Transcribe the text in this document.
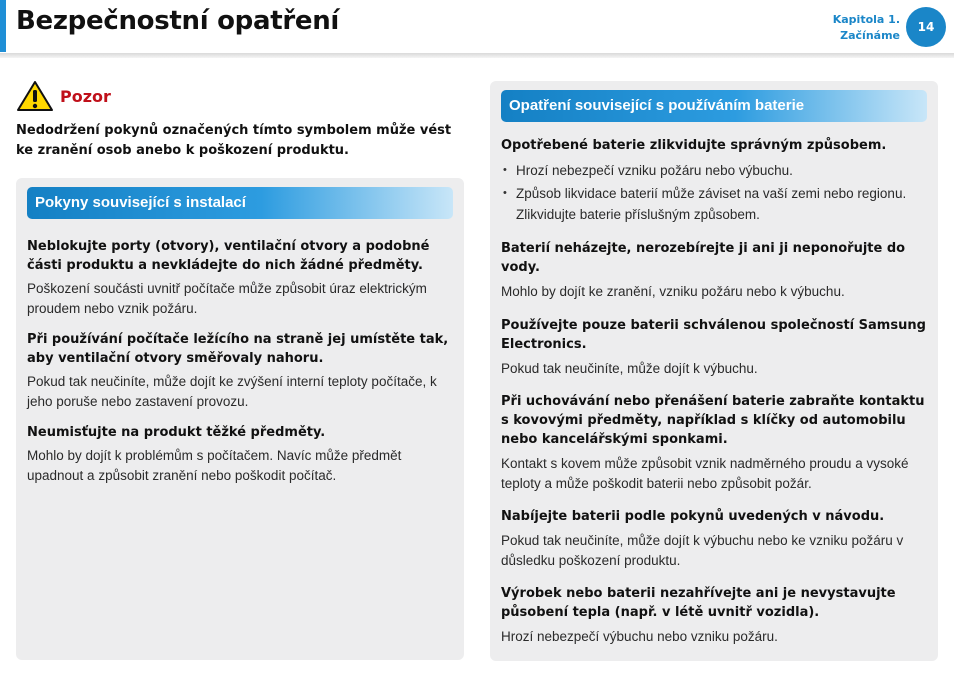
Bezpečnostní opatření	Kapitola 1.
Začínáme
14
Pozor
Nedodržení pokynů označených tímto symbolem může vést ke zranění osob anebo k poškození produktu.
Pokyny související s instalací
Neblokujte porty (otvory), ventilační otvory a podobné části produktu a nevkládejte do nich žádné předměty.
Poškození součásti uvnitř počítače může způsobit úraz elektrickým proudem nebo vznik požáru.
Při používání počítače ležícího na straně jej umístěte tak, aby ventilační otvory směřovaly nahoru.
Pokud tak neučiníte, může dojít ke zvýšení interní teploty počítače, k jeho poruše nebo zastavení provozu.
Neumisťujte na produkt těžké předměty.
Mohlo by dojít k problémům s počítačem. Navíc může předmět upadnout a způsobit zranění nebo poškodit počítač.
Opatření související s používáním baterie
Opotřebené baterie zlikvidujte správným způsobem.
• Hrozí nebezpečí vzniku požáru nebo výbuchu.
• Způsob likvidace baterií může záviset na vaší zemi nebo regionu. Zlikvidujte baterie příslušným způsobem.
Baterií neházejte, nerozebírejte ji ani ji neponořujte do vody.
Mohlo by dojít ke zranění, vzniku požáru nebo k výbuchu.
Používejte pouze baterii schválenou společností Samsung Electronics.
Pokud tak neučiníte, může dojít k výbuchu.
Při uchovávání nebo přenášení baterie zabraňte kontaktu s kovovými předměty, například s klíčky od automobilu nebo kancelářskými sponkami.
Kontakt s kovem může způsobit vznik nadměrného proudu a vysoké teploty a může poškodit baterii nebo způsobit požár.
Nabíjejte baterii podle pokynů uvedených v návodu.
Pokud tak neučiníte, může dojít k výbuchu nebo ke vzniku požáru v důsledku poškození produktu.
Výrobek nebo baterii nezahřívejte ani je nevystavujte působení tepla (např. v létě uvnitř vozidla).
Hrozí nebezpečí výbuchu nebo vzniku požáru.
